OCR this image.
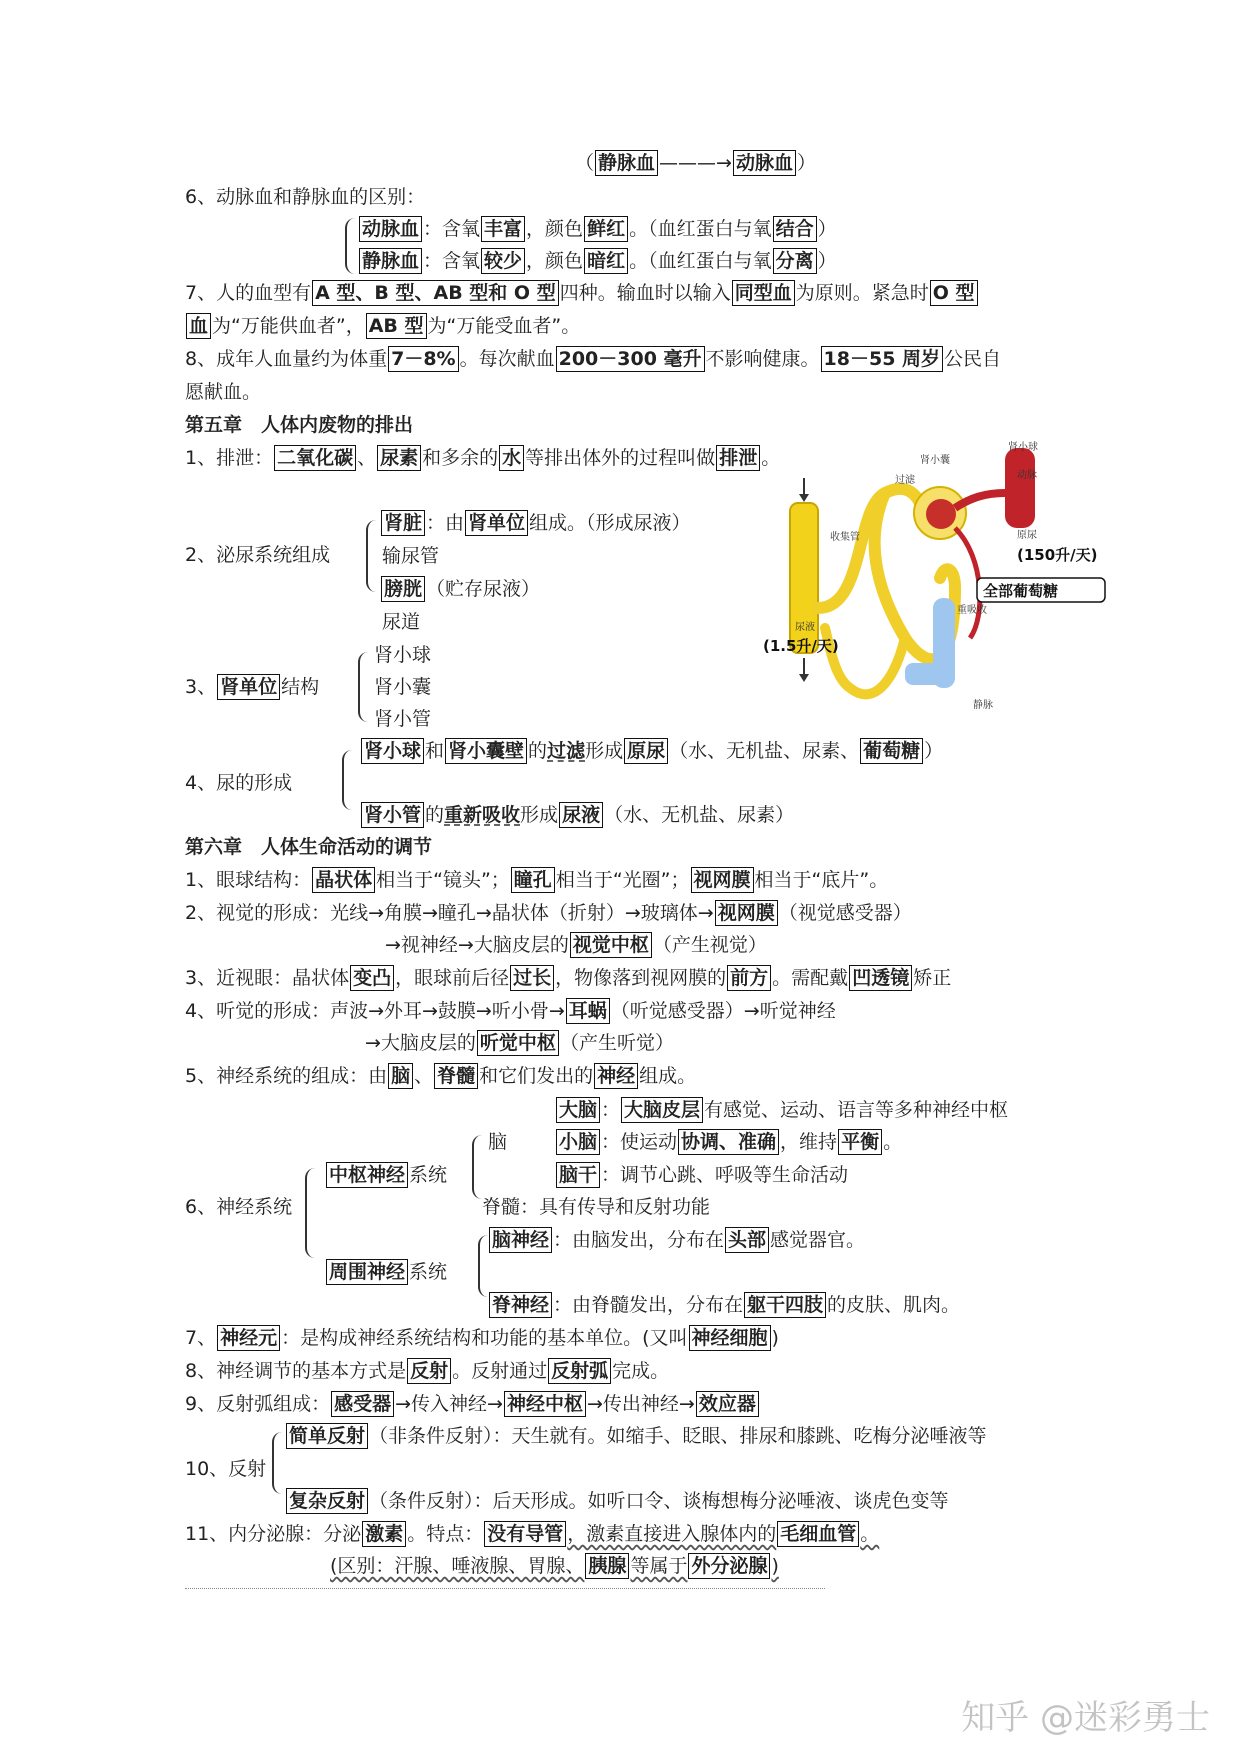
（ 静脉血 ———→ 动脉血 ）
6、动脉血和静脉血的区别：
动脉血 ：含氧 丰富 ，颜色 鲜红 。（血红蛋白与氧 结合 ）
静脉血 ：含氧 较少 ，颜色 暗红 。（血红蛋白与氧 分离 ）
7、人的血型有 A 型、B 型、AB 型和 O 型 四种。输血时以输入 同型血 为原则。紧急时 O 型
血 为“万能供血者”， AB 型 为“万能受血者”。
8、成年人血量约为体重 7－8% 。每次献血 200－300 毫升 不影响健康。 18－55 周岁 公民自
愿献血。
第五章　人体内废物的排出
1、排泄： 二氧化碳 、 尿素 和多余的 水 等排出体外的过程叫做 排泄 。
2、泌尿系统组成
肾脏 ：由 肾单位 组成。（形成尿液）
输尿管
膀胱 （贮存尿液）
尿道
3、 肾单位 结构
肾小球
肾小囊
肾小管
4、尿的形成
肾小球 和 肾小囊壁 的过滤形成 原尿 （水、无机盐、尿素、 葡萄糖 ）
肾小管 的重新吸收形成 尿液 （水、无机盐、尿素）
肾小球
肾小囊
动脉
过滤
收集管	原尿
(150升/天)
全部葡萄糖
重吸收
尿液
(1.5升/天)
静脉
第六章　人体生命活动的调节
1、眼球结构： 晶状体 相当于“镜头”； 瞳孔 相当于“光圈”； 视网膜 相当于“底片”。
2、视觉的形成：光线→角膜→瞳孔→晶状体（折射）→玻璃体→ 视网膜 （视觉感受器）
→视神经→大脑皮层的 视觉中枢 （产生视觉）
3、近视眼：晶状体 变凸 ，眼球前后径 过长 ，物像落到视网膜的 前方 。需配戴 凹透镜 矫正
4、听觉的形成：声波→外耳→鼓膜→听小骨→ 耳蜗 （听觉感受器）→听觉神经
→大脑皮层的 听觉中枢 （产生听觉）
5、神经系统的组成：由 脑 、 脊髓 和它们发出的 神经 组成。
6、神经系统
中枢神经 系统
周围神经 系统
脑
脊髓：具有传导和反射功能
大脑 ： 大脑皮层 有感觉、运动、语言等多种神经中枢
小脑 ：使运动 协调、准确 ，维持 平衡 。
脑干 ：调节心跳、呼吸等生命活动
脑神经 ：由脑发出，分布在 头部 感觉器官。
脊神经 ：由脊髓发出，分布在 躯干四肢 的皮肤、肌肉。
7、 神经元 ：是构成神经系统结构和功能的基本单位。(又叫 神经细胞 )
8、神经调节的基本方式是 反射 。反射通过 反射弧 完成。
9、反射弧组成： 感受器 →传入神经→ 神经中枢 →传出神经→ 效应器
10、反射
简单反射 （非条件反射）：天生就有。如缩手、眨眼、排尿和膝跳、吃梅分泌唾液等
复杂反射 （条件反射）：后天形成。如听口令、谈梅想梅分泌唾液、谈虎色变等
11、内分泌腺：分泌 激素 。特点： 没有导管 ，激素直接进入腺体内的 毛细血管 。
(区别：汗腺、唾液腺、胃腺、 胰腺 等属于 外分泌腺 )
知乎 @迷彩勇士
